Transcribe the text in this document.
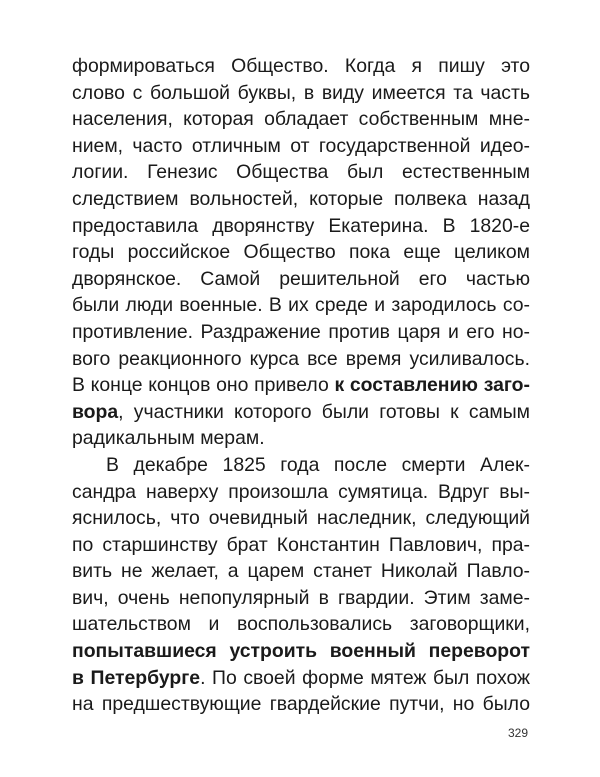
формироваться Общество. Когда я пишу это
слово с большой буквы, в виду имеется та часть
населения, которая обладает собственным мне-
нием, часто отличным от государственной идео-
логии. Генезис Общества был естественным
следствием вольностей, которые полвека назад
предоставила дворянству Екатерина. В 1820-е
годы российское Общество пока еще целиком
дворянское. Самой решительной его частью
были люди военные. В их среде и зародилось со-
противление. Раздражение против царя и его но-
вого реакционного курса все время усиливалось.
В конце концов оно привело к составлению заго-
вора, участники которого были готовы к самым
радикальным мерам.
В декабре 1825 года после смерти Алек-
сандра наверху произошла сумятица. Вдруг вы-
яснилось, что очевидный наследник, следующий
по старшинству брат Константин Павлович, пра-
вить не желает, а царем станет Николай Павло-
вич, очень непопулярный в гвардии. Этим заме-
шательством и воспользовались заговорщики,
попытавшиеся устроить военный переворот
в Петербурге. По своей форме мятеж был похож
на предшествующие гвардейские путчи, но было
329
